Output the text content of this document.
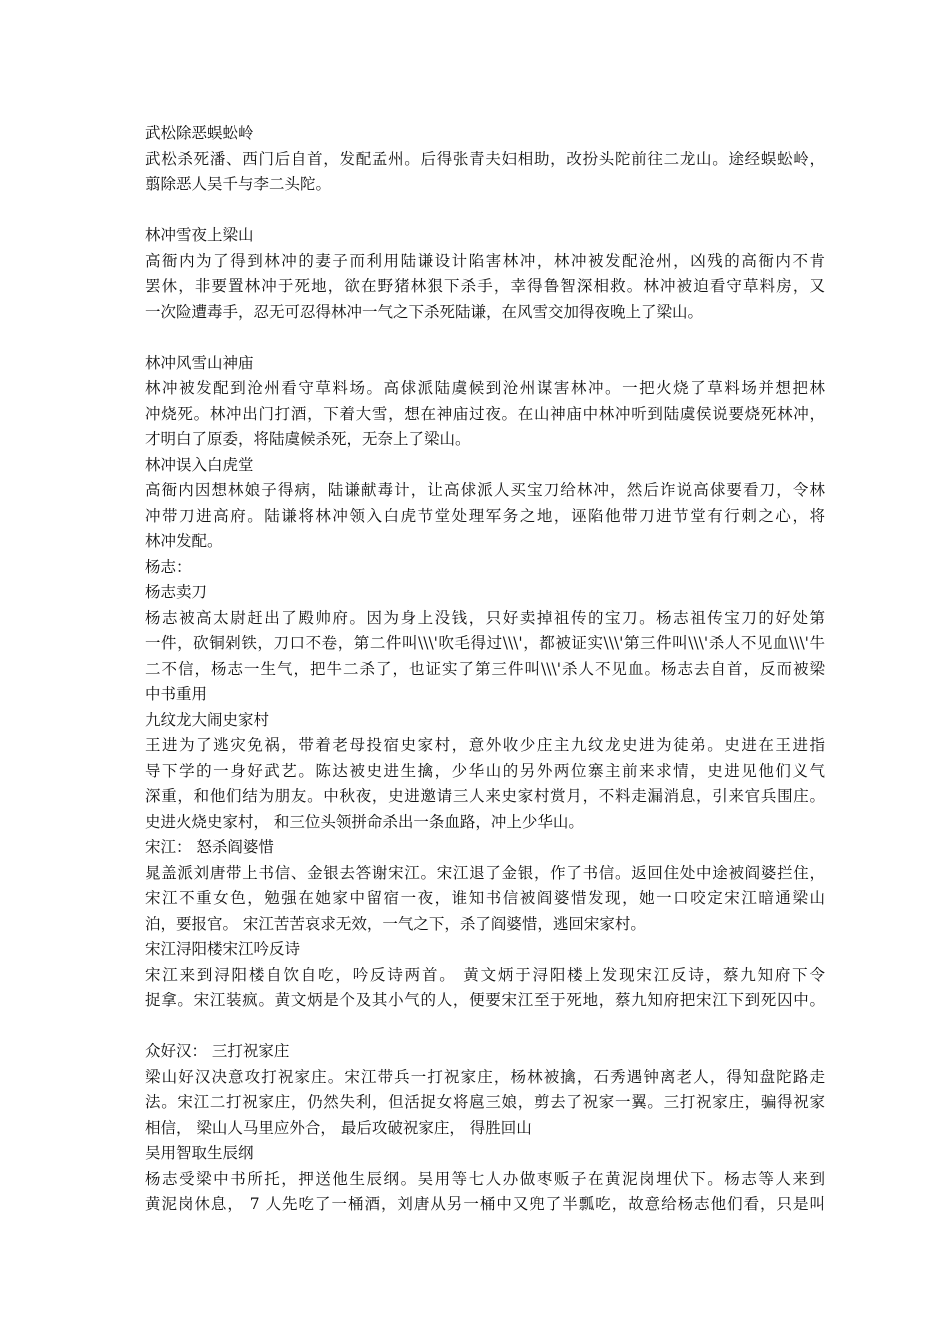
武松除恶蜈蚣岭
武松杀死潘、西门后自首，发配孟州。后得张青夫妇相助，改扮头陀前往二龙山。途经蜈蚣岭，
翦除恶人吴千与李二头陀。
林冲雪夜上梁山
高衙内为了得到林冲的妻子而利用陆谦设计陷害林冲，林冲被发配沧州，凶残的高衙内不肯
罢休，非要置林冲于死地，欲在野猪林狠下杀手，幸得鲁智深相救。林冲被迫看守草料房，又
一次险遭毒手，忍无可忍得林冲一气之下杀死陆谦，在风雪交加得夜晚上了梁山。
林冲风雪山神庙
林冲被发配到沧州看守草料场。高俅派陆虞候到沧州谋害林冲。一把火烧了草料场并想把林
冲烧死。林冲出门打酒，下着大雪，想在神庙过夜。在山神庙中林冲听到陆虞侯说要烧死林冲，
才明白了原委，将陆虞候杀死，无奈上了梁山。
林冲误入白虎堂
高衙内因想林娘子得病，陆谦献毒计，让高俅派人买宝刀给林冲，然后诈说高俅要看刀，令林
冲带刀进高府。陆谦将林冲领入白虎节堂处理军务之地，诬陷他带刀进节堂有行刺之心，将
林冲发配。
杨志：
杨志卖刀
杨志被高太尉赶出了殿帅府。因为身上没钱，只好卖掉祖传的宝刀。杨志祖传宝刀的好处第
一件，砍铜剁铁，刀口不卷，第二件叫\\\'吹毛得过\\\'，都被证实\\\'第三件叫\\\'杀人不见血\\\'牛
二不信，杨志一生气，把牛二杀了，也证实了第三件叫\\\'杀人不见血。杨志去自首，反而被梁
中书重用
九纹龙大闹史家村
王进为了逃灾免祸，带着老母投宿史家村，意外收少庄主九纹龙史进为徒弟。史进在王进指
导下学的一身好武艺。陈达被史进生擒，少华山的另外两位寨主前来求情，史进见他们义气
深重，和他们结为朋友。中秋夜，史进邀请三人来史家村赏月，不料走漏消息，引来官兵围庄。
史进火烧史家村， 和三位头领拼命杀出一条血路，冲上少华山。
宋江： 怒杀阎婆惜
晁盖派刘唐带上书信、金银去答谢宋江。宋江退了金银，作了书信。返回住处中途被阎婆拦住，
宋江不重女色，勉强在她家中留宿一夜，谁知书信被阎婆惜发现，她一口咬定宋江暗通梁山
泊，要报官。 宋江苦苦哀求无效，一气之下，杀了阎婆惜，逃回宋家村。
宋江浔阳楼宋江吟反诗
宋江来到浔阳楼自饮自吃，吟反诗两首。 黄文炳于浔阳楼上发现宋江反诗，蔡九知府下令
捉拿。宋江装疯。黄文炳是个及其小气的人，便要宋江至于死地，蔡九知府把宋江下到死囚中。
众好汉： 三打祝家庄
梁山好汉决意攻打祝家庄。宋江带兵一打祝家庄，杨林被擒，石秀遇钟离老人，得知盘陀路走
法。宋江二打祝家庄，仍然失利，但活捉女将扈三娘，剪去了祝家一翼。三打祝家庄，骗得祝家
相信， 梁山人马里应外合， 最后攻破祝家庄， 得胜回山
吴用智取生辰纲
杨志受梁中书所托，押送他生辰纲。吴用等七人办做枣贩子在黄泥岗埋伏下。杨志等人来到
黄泥岗休息， 7 人先吃了一桶酒，刘唐从另一桶中又兜了半瓢吃，故意给杨志他们看，只是叫
